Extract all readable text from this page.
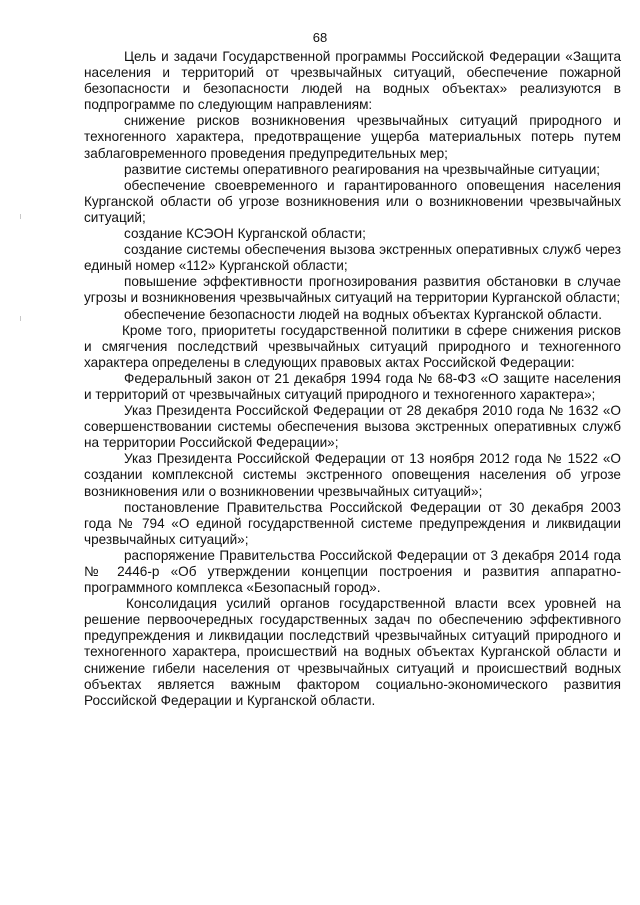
68

Цель и задачи Государственной программы Российской Федерации «Защита населения и территорий от чрезвычайных ситуаций, обеспечение пожарной безопасности и безопасности людей на водных объектах» реализуются в подпрограмме по следующим направлениям:

снижение рисков возникновения чрезвычайных ситуаций природного и техногенного характера, предотвращение ущерба материальных потерь путем заблаговременного проведения предупредительных мер;

развитие системы оперативного реагирования на чрезвычайные ситуации;

обеспечение своевременного и гарантированного оповещения населения Курганской области об угрозе возникновения или о возникновении чрезвычайных ситуаций;

создание КСЭОН Курганской области;

создание системы обеспечения вызова экстренных оперативных служб через единый номер «112» Курганской области;

повышение эффективности прогнозирования развития обстановки в случае угрозы и возникновения чрезвычайных ситуаций на территории Курганской области;

обеспечение безопасности людей на водных объектах Курганской области.

Кроме того, приоритеты государственной политики в сфере снижения рисков и смягчения последствий чрезвычайных ситуаций природного и техногенного характера определены в следующих правовых актах Российской Федерации:

Федеральный закон от 21 декабря 1994 года № 68-ФЗ «О защите населения и территорий от чрезвычайных ситуаций природного и техногенного характера»;

Указ Президента Российской Федерации от 28 декабря 2010 года № 1632 «О совершенствовании системы обеспечения вызова экстренных оперативных служб на территории Российской Федерации»;

Указ Президента Российской Федерации от 13 ноября 2012 года № 1522 «О создании комплексной системы экстренного оповещения населения об угрозе возникновения или о возникновении чрезвычайных ситуаций»;

постановление Правительства Российской Федерации от 30 декабря 2003 года № 794 «О единой государственной системе предупреждения и ликвидации чрезвычайных ситуаций»;

распоряжение Правительства Российской Федерации от 3 декабря 2014 года № 2446-р «Об утверждении концепции построения и развития аппаратно-программного комплекса «Безопасный город».

Консолидация усилий органов государственной власти всех уровней на решение первоочередных государственных задач по обеспечению эффективного предупреждения и ликвидации последствий чрезвычайных ситуаций природного и техногенного характера, происшествий на водных объектах Курганской области и снижение гибели населения от чрезвычайных ситуаций и происшествий водных объектах является важным фактором социально-экономического развития Российской Федерации и Курганской области.
